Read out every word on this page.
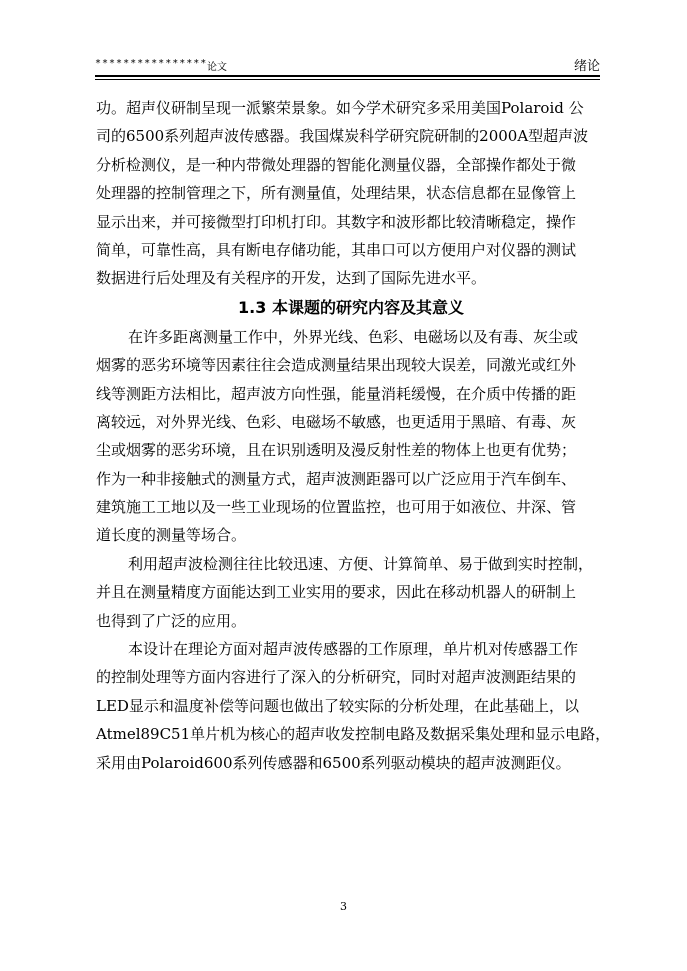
**************** 论文	绪论
功。超声仪研制呈现一派繁荣景象。如今学术研究多采用美国Polaroid 公
司的6500系列超声波传感器。我国煤炭科学研究院研制的2000A型超声波
分析检测仪，是一种内带微处理器的智能化测量仪器，全部操作都处于微
处理器的控制管理之下，所有测量值，处理结果，状态信息都在显像管上
显示出来，并可接微型打印机打印。其数字和波形都比较清晰稳定，操作
简单，可靠性高，具有断电存储功能，其串口可以方便用户对仪器的测试
数据进行后处理及有关程序的开发，达到了国际先进水平。
1.3 本课题的研究内容及其意义
在许多距离测量工作中，外界光线、色彩、电磁场以及有毒、灰尘或
烟雾的恶劣环境等因素往往会造成测量结果出现较大误差，同激光或红外
线等测距方法相比，超声波方向性强，能量消耗缓慢，在介质中传播的距
离较远，对外界光线、色彩、电磁场不敏感，也更适用于黑暗、有毒、灰
尘或烟雾的恶劣环境，且在识别透明及漫反射性差的物体上也更有优势；
作为一种非接触式的测量方式，超声波测距器可以广泛应用于汽车倒车、
建筑施工工地以及一些工业现场的位置监控，也可用于如液位、井深、管
道长度的测量等场合。
利用超声波检测往往比较迅速、方便、计算简单、易于做到实时控制，
并且在测量精度方面能达到工业实用的要求，因此在移动机器人的研制上
也得到了广泛的应用。
本设计在理论方面对超声波传感器的工作原理，单片机对传感器工作
的控制处理等方面内容进行了深入的分析研究，同时对超声波测距结果的
LED显示和温度补偿等问题也做出了较实际的分析处理，在此基础上，以
Atmel89C51单片机为核心的超声收发控制电路及数据采集处理和显示电路，
采用由Polaroid600系列传感器和6500系列驱动模块的超声波测距仪。
3
